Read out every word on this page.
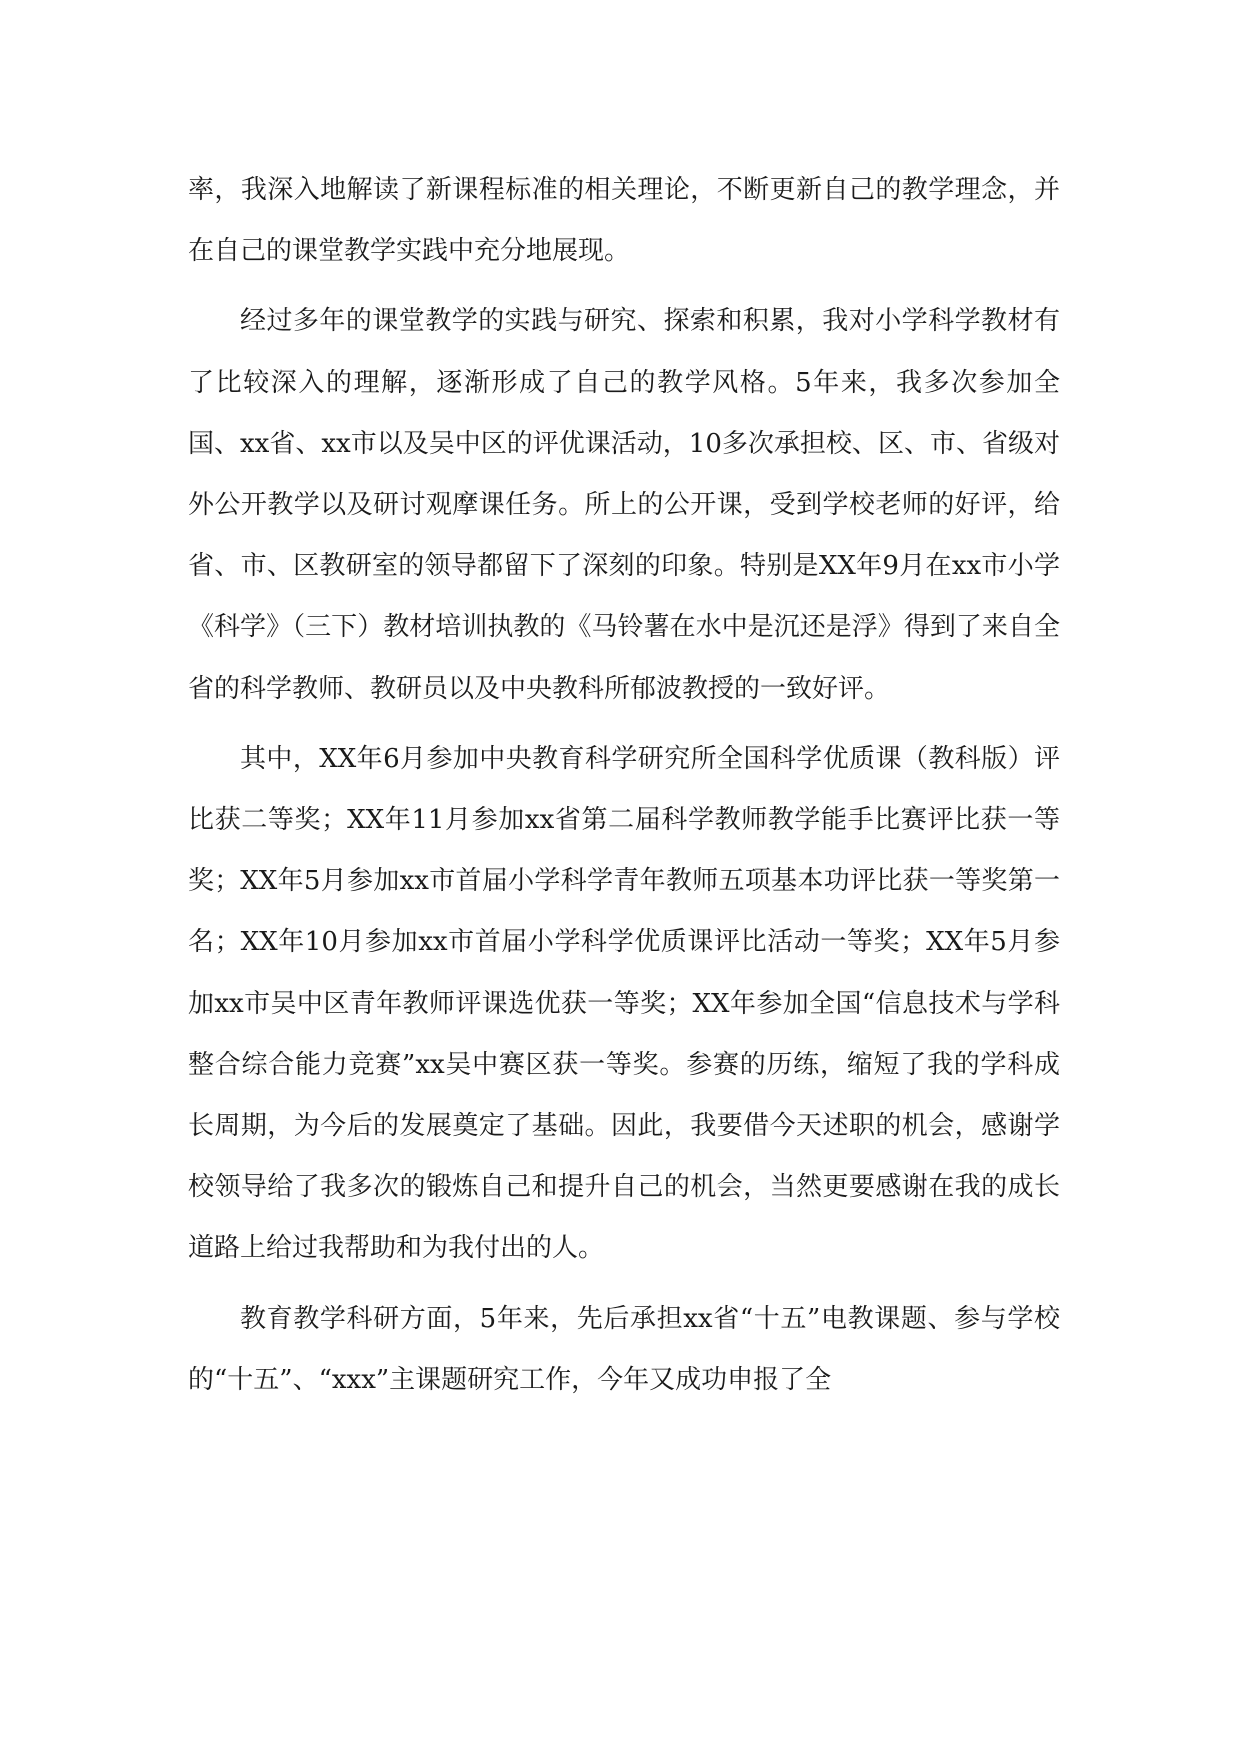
率，我深入地解读了新课程标准的相关理论，不断更新自己的教学理念，并在自己的课堂教学实践中充分地展现。

经过多年的课堂教学的实践与研究、探索和积累，我对小学科学教材有了比较深入的理解，逐渐形成了自己的教学风格。5年来，我多次参加全国、xx省、xx市以及吴中区的评优课活动，10多次承担校、区、市、省级对外公开教学以及研讨观摩课任务。所上的公开课，受到学校老师的好评，给省、市、区教研室的领导都留下了深刻的印象。特别是XX年9月在xx市小学《科学》（三下）教材培训执教的《马铃薯在水中是沉还是浮》得到了来自全省的科学教师、教研员以及中央教科所郁波教授的一致好评。

其中，XX年6月参加中央教育科学研究所全国科学优质课（教科版）评比获二等奖；XX年11月参加xx省第二届科学教师教学能手比赛评比获一等奖；XX年5月参加xx市首届小学科学青年教师五项基本功评比获一等奖第一名；XX年10月参加xx市首届小学科学优质课评比活动一等奖；XX年5月参加xx市吴中区青年教师评课选优获一等奖；XX年参加全国“信息技术与学科整合综合能力竞赛”xx吴中赛区获一等奖。参赛的历练，缩短了我的学科成长周期，为今后的发展奠定了基础。因此，我要借今天述职的机会，感谢学校领导给了我多次的锻炼自己和提升自己的机会，当然更要感谢在我的成长道路上给过我帮助和为我付出的人。

教育教学科研方面，5年来，先后承担xx省“十五”电教课题、参与学校的“十五”、“xxx”主课题研究工作，今年又成功申报了全
